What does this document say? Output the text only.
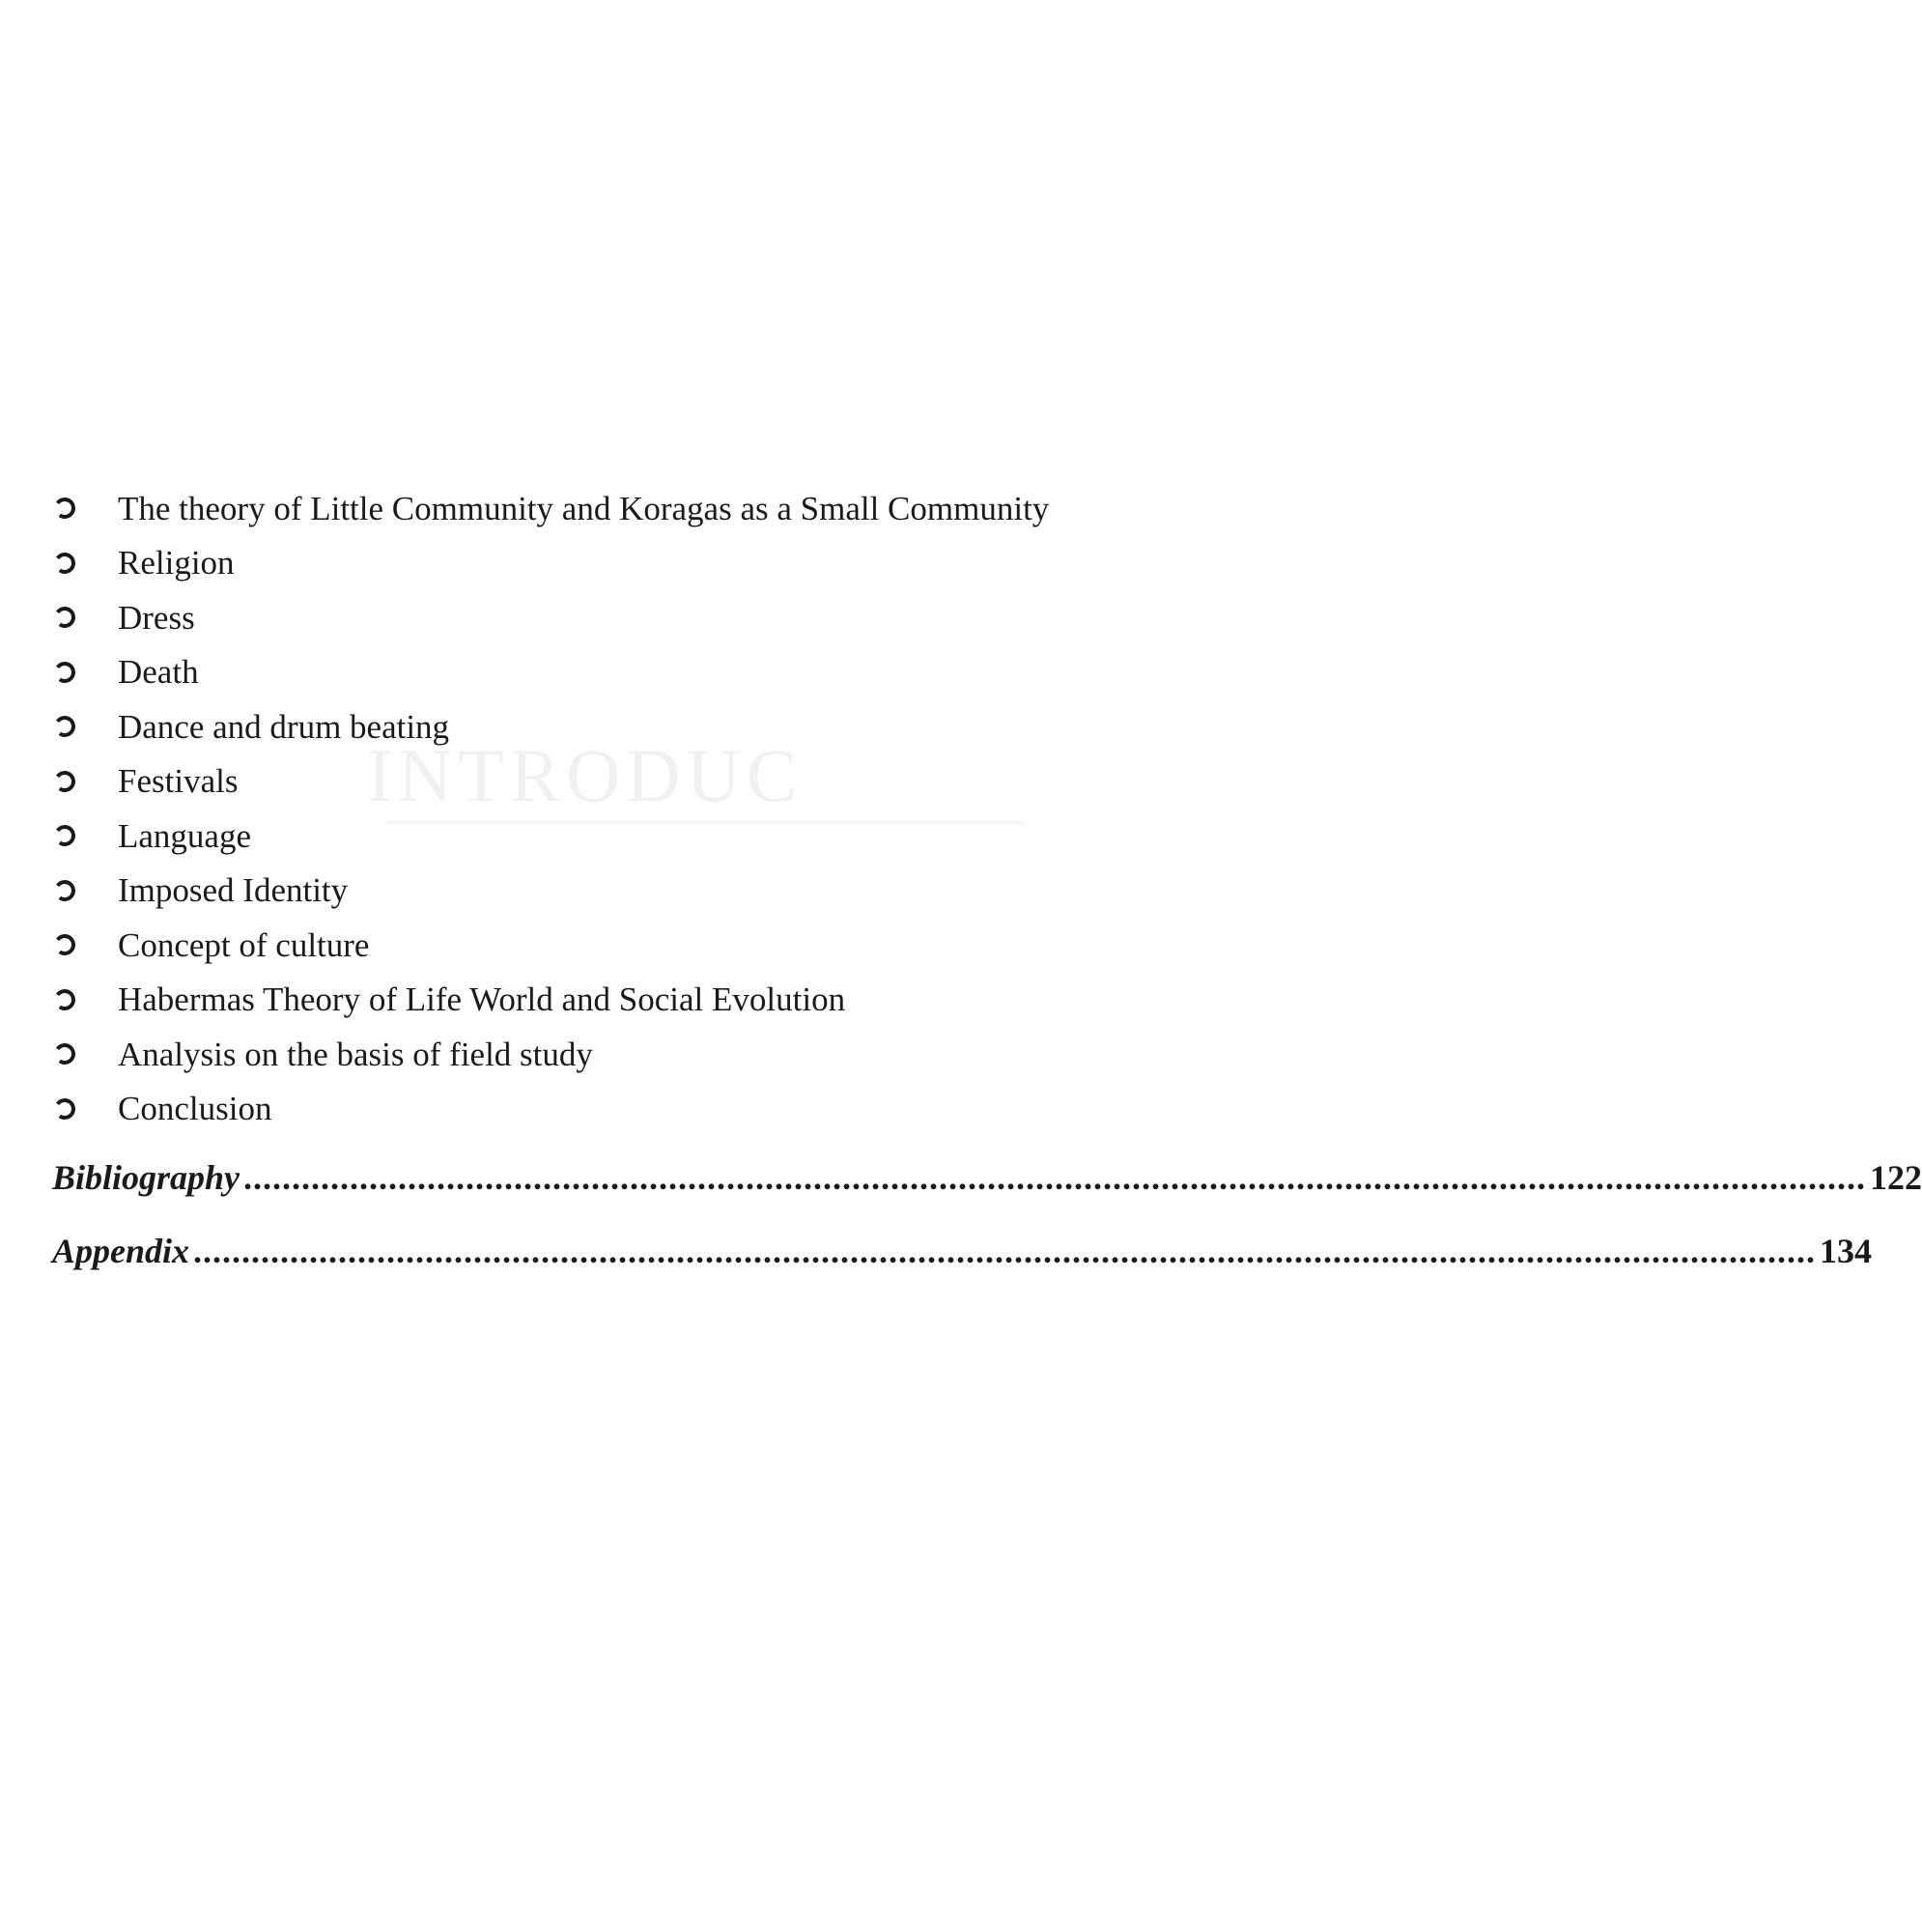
INTRODUC
The theory of Little Community and Koragas as a Small Community
Religion
Dress
Death
Dance and drum beating
Festivals
Language
Imposed Identity
Concept of culture
Habermas Theory of Life World and Social Evolution
Analysis on the basis of field study
Conclusion
Bibliography ........................................................................................................................................................................ 122
Appendix ........................................................................................................................................................................ 134
